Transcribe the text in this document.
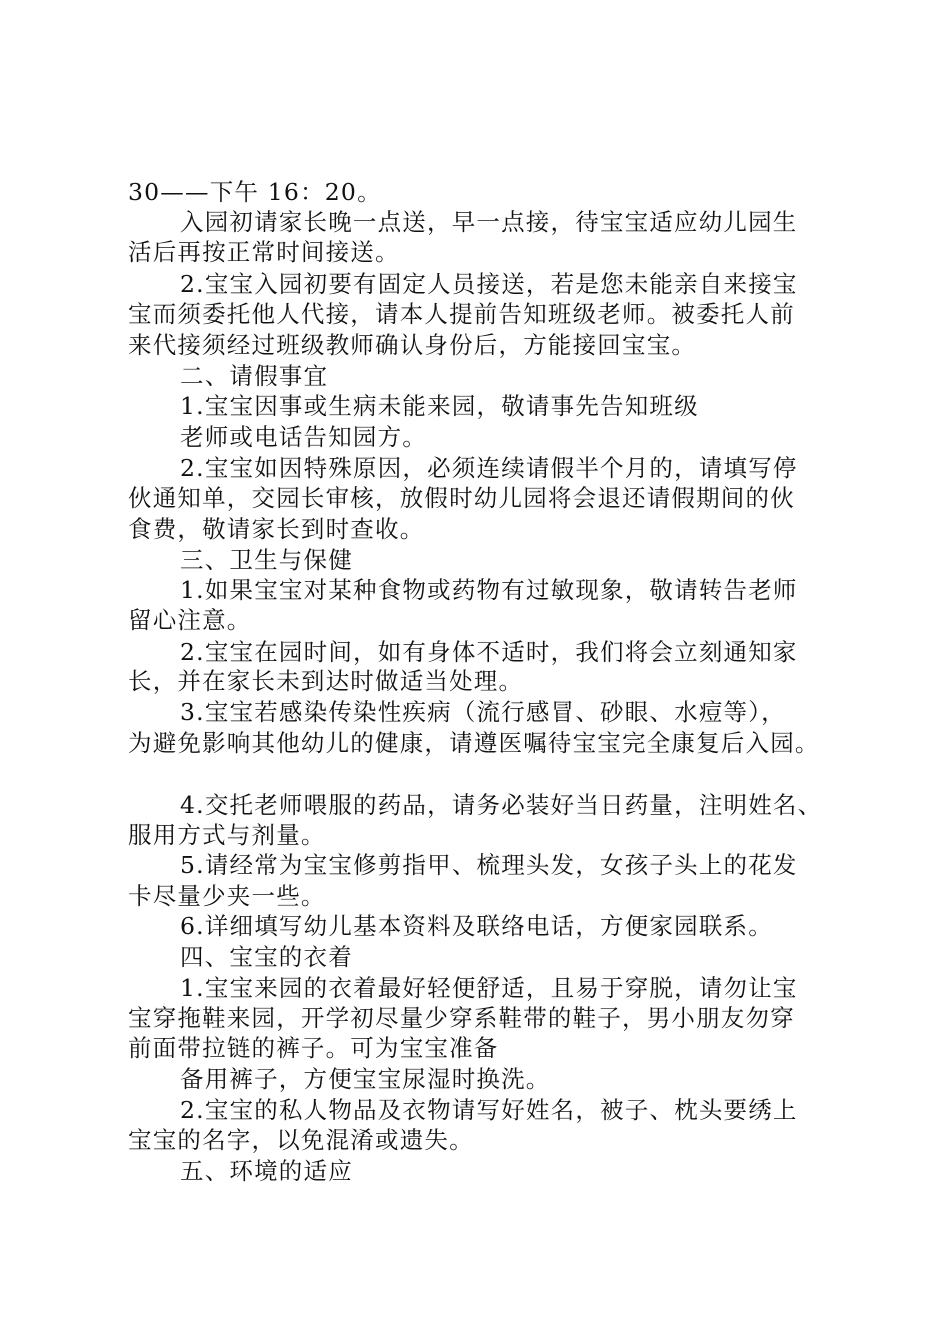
30——下午 16：20。
入园初请家长晚一点送，早一点接，待宝宝适应幼儿园生
活后再按正常时间接送。
2.宝宝入园初要有固定人员接送，若是您未能亲自来接宝
宝而须委托他人代接，请本人提前告知班级老师。被委托人前
来代接须经过班级教师确认身份后，方能接回宝宝。
二、请假事宜
1.宝宝因事或生病未能来园，敬请事先告知班级
老师或电话告知园方。
2.宝宝如因特殊原因，必须连续请假半个月的，请填写停
伙通知单，交园长审核，放假时幼儿园将会退还请假期间的伙
食费，敬请家长到时查收。
三、卫生与保健
1.如果宝宝对某种食物或药物有过敏现象，敬请转告老师
留心注意。
2.宝宝在园时间，如有身体不适时，我们将会立刻通知家
长，并在家长未到达时做适当处理。
3.宝宝若感染传染性疾病（流行感冒、砂眼、水痘等），
为避免影响其他幼儿的健康，请遵医嘱待宝宝完全康复后入园。
4.交托老师喂服的药品，请务必装好当日药量，注明姓名、
服用方式与剂量。
5.请经常为宝宝修剪指甲、梳理头发，女孩子头上的花发
卡尽量少夹一些。
6.详细填写幼儿基本资料及联络电话，方便家园联系。
四、宝宝的衣着
1.宝宝来园的衣着最好轻便舒适，且易于穿脱，请勿让宝
宝穿拖鞋来园，开学初尽量少穿系鞋带的鞋子，男小朋友勿穿
前面带拉链的裤子。可为宝宝准备
备用裤子，方便宝宝尿湿时换洗。
2.宝宝的私人物品及衣物请写好姓名，被子、枕头要绣上
宝宝的名字，以免混淆或遗失。
五、环境的适应
